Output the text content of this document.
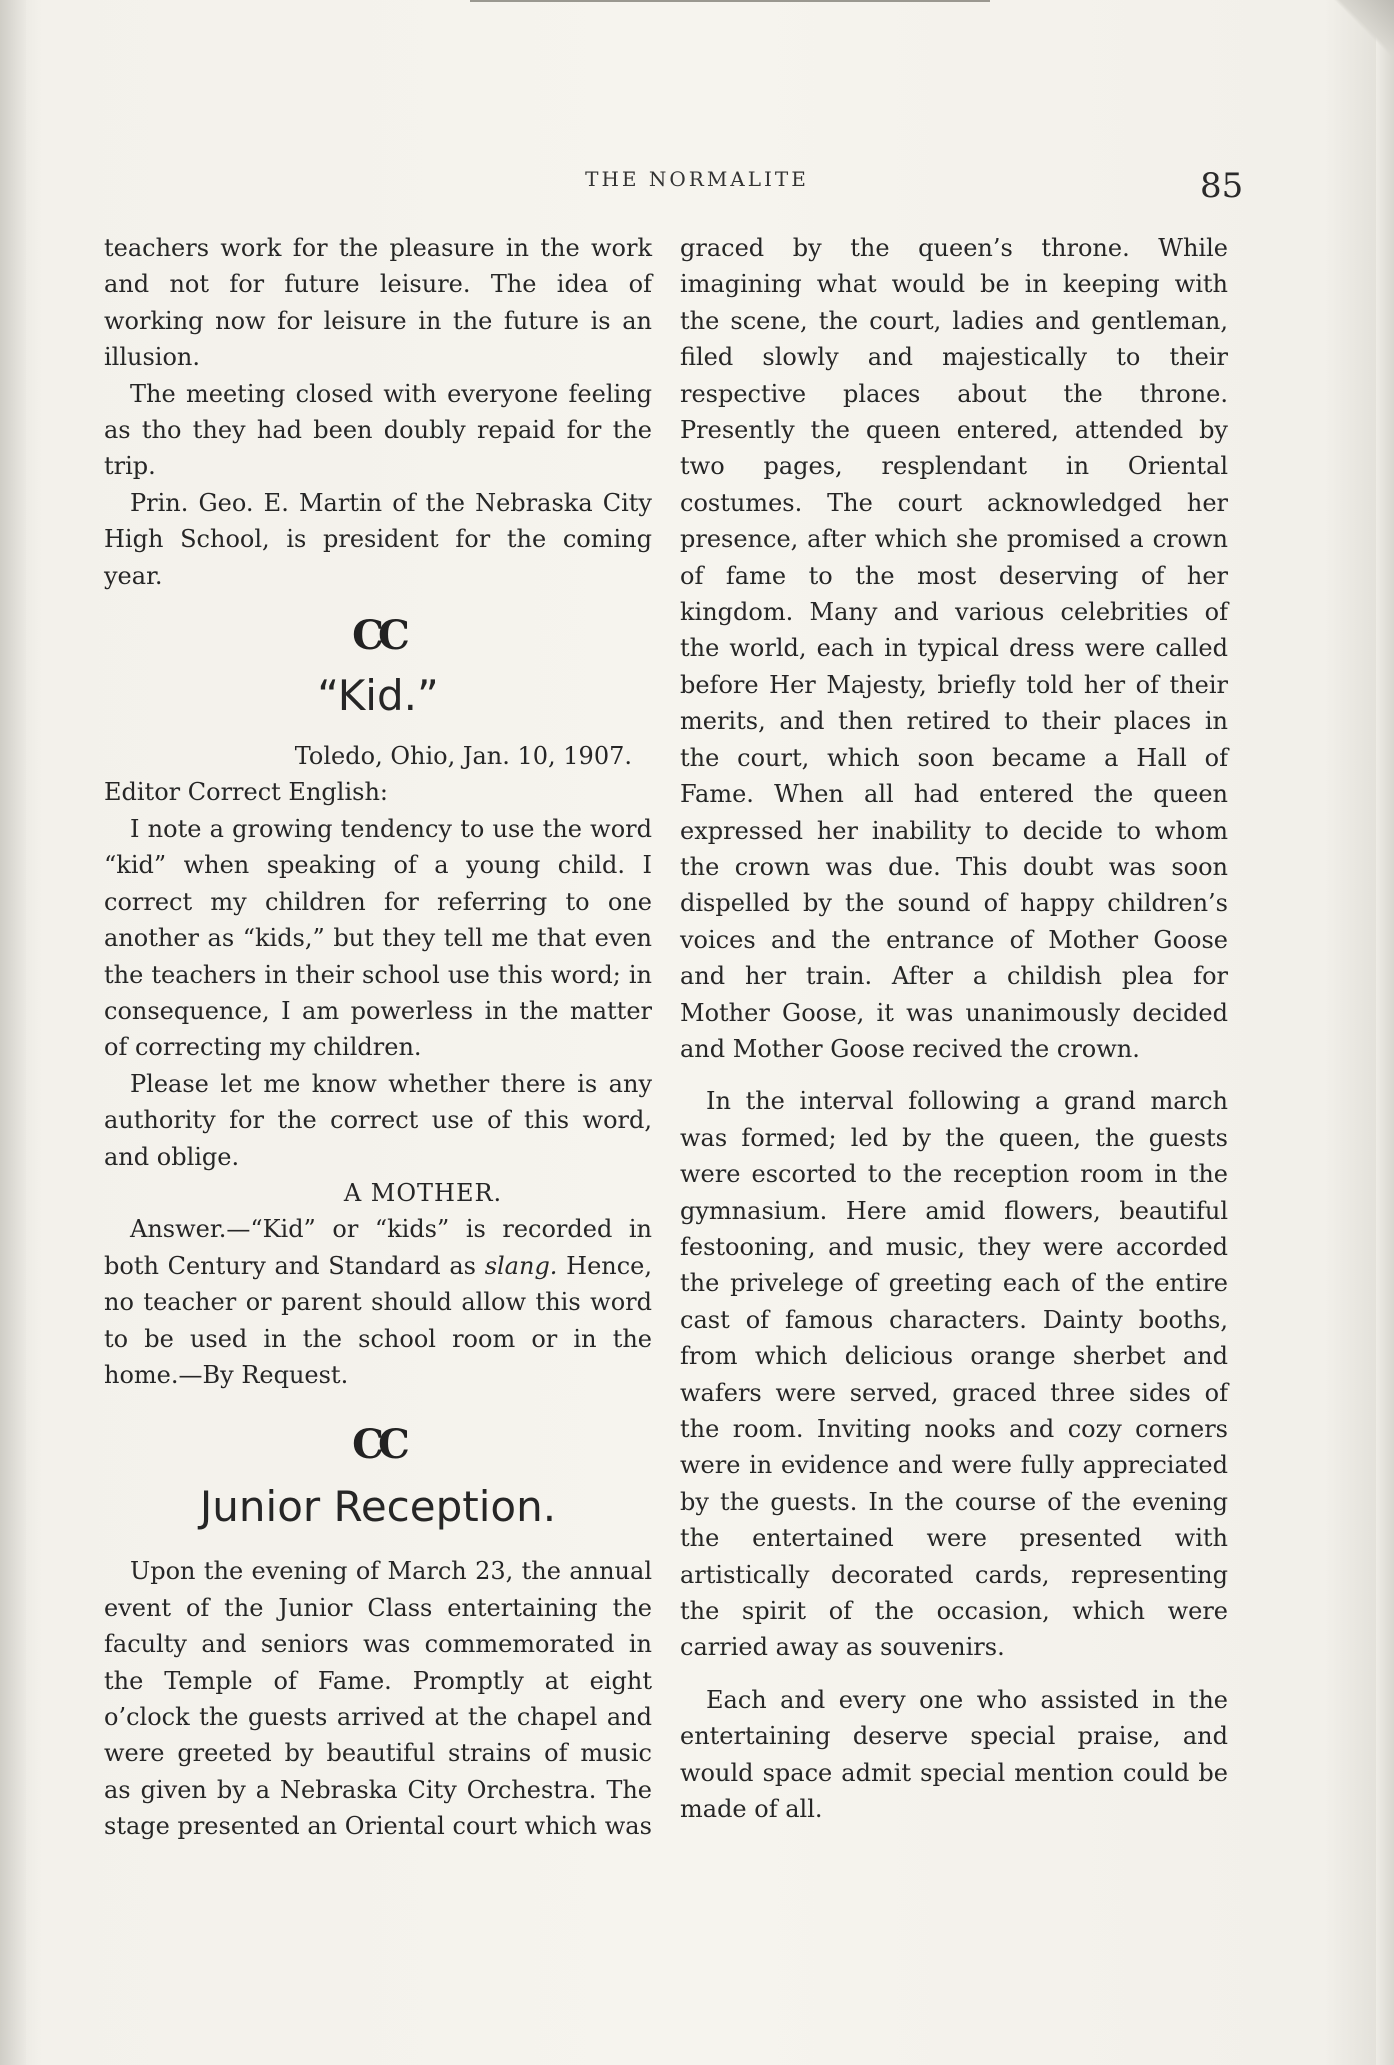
THE NORMALITE	85

teachers work for the pleasure in the work and not for future leisure. The idea of working now for leisure in the future is an illusion.

The meeting closed with everyone feeling as tho they had been doubly repaid for the trip.

Prin. Geo. E. Martin of the Nebraska City High School, is president for the coming year.

CC
“Kid.”

Toledo, Ohio, Jan. 10, 1907.

Editor Correct English:

I note a growing tendency to use the word “kid” when speaking of a young child. I correct my children for referring to one another as “kids,” but they tell me that even the teachers in their school use this word; in consequence, I am powerless in the matter of correcting my children.

Please let me know whether there is any authority for the correct use of this word, and oblige.

A MOTHER.

Answer.—“Kid” or “kids” is recorded in both Century and Standard as slang. Hence, no teacher or parent should allow this word to be used in the school room or in the home.—By Request.

CC
Junior Reception.

Upon the evening of March 23, the annual event of the Junior Class entertaining the faculty and seniors was commemorated in the Temple of Fame. Promptly at eight o’clock the guests arrived at the chapel and were greeted by beautiful strains of music as given by a Nebraska City Orchestra. The stage presented an Oriental court which was

graced by the queen’s throne. While imagining what would be in keeping with the scene, the court, ladies and gentleman, filed slowly and majestically to their respective places about the throne. Presently the queen entered, attended by two pages, resplendant in Oriental costumes. The court acknowledged her presence, after which she promised a crown of fame to the most deserving of her kingdom. Many and various celebrities of the world, each in typical dress were called before Her Majesty, briefly told her of their merits, and then retired to their places in the court, which soon became a Hall of Fame. When all had entered the queen expressed her inability to decide to whom the crown was due. This doubt was soon dispelled by the sound of happy children’s voices and the entrance of Mother Goose and her train. After a childish plea for Mother Goose, it was unanimously decided and Mother Goose recived the crown.

In the interval following a grand march was formed; led by the queen, the guests were escorted to the reception room in the gymnasium. Here amid flowers, beautiful festooning, and music, they were accorded the privelege of greeting each of the entire cast of famous characters. Dainty booths, from which delicious orange sherbet and wafers were served, graced three sides of the room. Inviting nooks and cozy corners were in evidence and were fully appreciated by the guests. In the course of the evening the entertained were presented with artistically decorated cards, representing the spirit of the occasion, which were carried away as souvenirs.

Each and every one who assisted in the entertaining deserve special praise, and would space admit special mention could be made of all.
